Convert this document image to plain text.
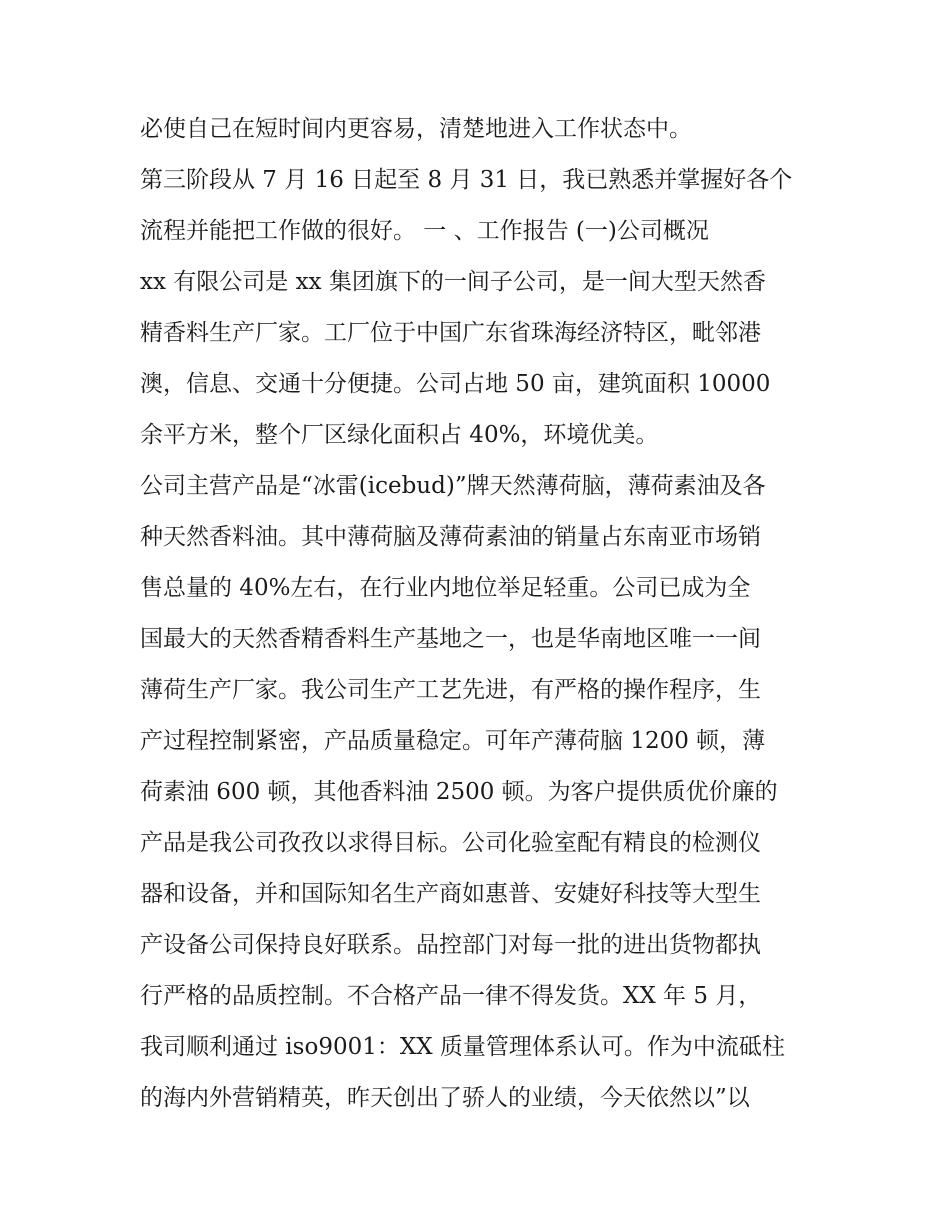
必使自己在短时间内更容易，清楚地进入工作状态中。
第三阶段从 7 月 16 日起至 8 月 31 日，我已熟悉并掌握好各个
流程并能把工作做的很好。 一 、工作报告 (一)公司概况
xx 有限公司是 xx 集团旗下的一间子公司，是一间大型天然香
精香料生产厂家。工厂位于中国广东省珠海经济特区，毗邻港
澳，信息、交通十分便捷。公司占地 50 亩，建筑面积 10000
余平方米，整个厂区绿化面积占 40%，环境优美。
公司主营产品是“冰雷(icebud)”牌天然薄荷脑，薄荷素油及各
种天然香料油。其中薄荷脑及薄荷素油的销量占东南亚市场销
售总量的 40%左右，在行业内地位举足轻重。公司已成为全
国最大的天然香精香料生产基地之一，也是华南地区唯一一间
薄荷生产厂家。我公司生产工艺先进，有严格的操作程序，生
产过程控制紧密，产品质量稳定。可年产薄荷脑 1200 顿，薄
荷素油 600 顿，其他香料油 2500 顿。为客户提供质优价廉的
产品是我公司孜孜以求得目标。公司化验室配有精良的检测仪
器和设备，并和国际知名生产商如惠普、安婕好科技等大型生
产设备公司保持良好联系。品控部门对每一批的进出货物都执
行严格的品质控制。不合格产品一律不得发货。XX 年 5 月，
我司顺利通过 iso9001：XX 质量管理体系认可。作为中流砥柱
的海内外营销精英，昨天创出了骄人的业绩，今天依然以”以
